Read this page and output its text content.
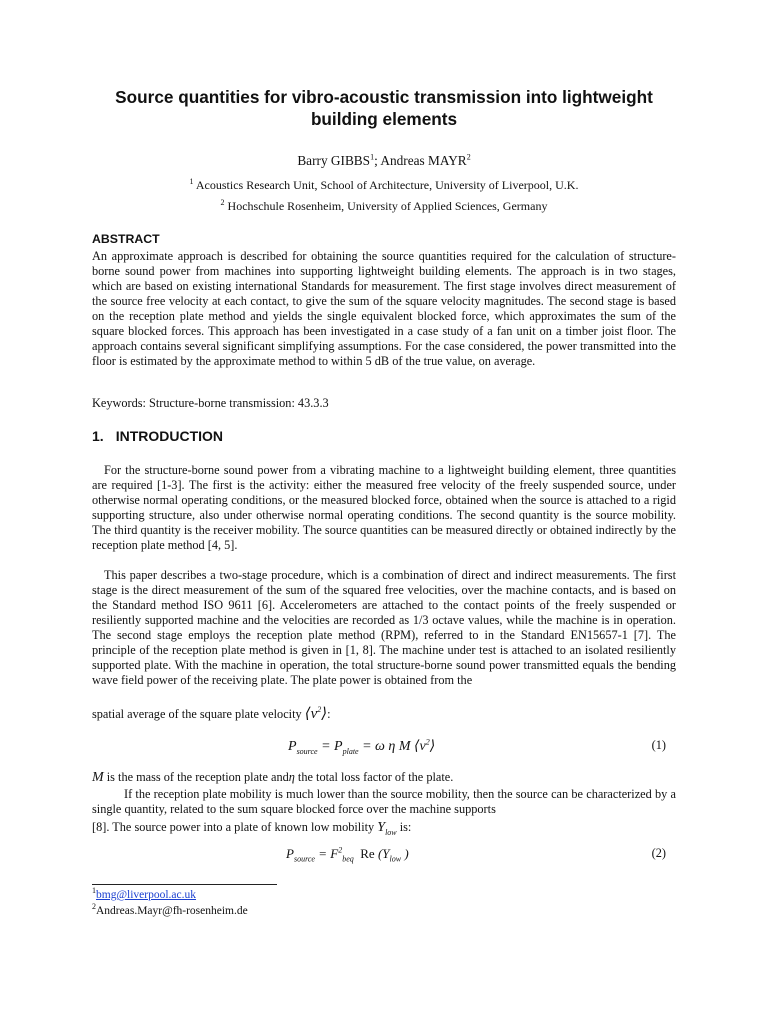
Source quantities for vibro-acoustic transmission into lightweight building elements
Barry GIBBS$^1$; Andreas MAYR$^2$
$^1$ Acoustics Research Unit, School of Architecture, University of Liverpool, U.K.
$^2$ Hochschule Rosenheim, University of Applied Sciences, Germany
ABSTRACT

An approximate approach is described for obtaining the source quantities required for the calculation of structure-borne sound power from machines into supporting lightweight building elements. The approach is in two stages, which are based on existing international Standards for measurement. The first stage involves direct measurement of the source free velocity at each contact, to give the sum of the square velocity magnitudes. The second stage is based on the reception plate method and yields the single equivalent blocked force, which approximates the sum of the square blocked forces. This approach has been investigated in a case study of a fan unit on a timber joist floor. The approach contains several significant simplifying assumptions. For the case considered, the power transmitted into the floor is estimated by the approximate method to within 5 dB of the true value, on average.

Keywords: Structure-borne transmission: 43.3.3

1. INTRODUCTION

For the structure-borne sound power from a vibrating machine to a lightweight building element, three quantities are required [1-3]. The first is the activity: either the measured free velocity of the freely suspended source, under otherwise normal operating conditions, or the measured blocked force, obtained when the source is attached to a rigid supporting structure, also under otherwise normal operating conditions. The second quantity is the source mobility. The third quantity is the receiver mobility. The source quantities can be measured directly or obtained indirectly by the reception plate method [4, 5].

This paper describes a two-stage procedure, which is a combination of direct and indirect measurements. The first stage is the direct measurement of the sum of the squared free velocities, over the machine contacts, and is based on the Standard method ISO 9611 [6]. Accelerometers are attached to the contact points of the freely suspended or resiliently supported machine and the velocities are recorded as 1/3 octave values, while the machine is in operation. The second stage employs the reception plate method (RPM), referred to in the Standard EN15657-1 [7]. The principle of the reception plate method is given in [1, 8]. The machine under test is attached to an isolated resiliently supported plate. With the machine in operation, the total structure-borne sound power transmitted equals the bending wave field power of the receiving plate. The plate power is obtained from the

spatial average of the square plate velocity $⟨v^2⟩$:
$P_{source} = P_{plate} = \omega$ η M $⟨v^2⟩$	(1)
M is the mass of the reception plate andη the total loss factor of the plate.

If the reception plate mobility is much lower than the source mobility, then the source can be characterized by a single quantity, related to the sum square blocked force over the machine supports

[8]. The source power into a plate of known low mobility $Y_{low}$ is:
$P_{source} = F^2_{beq}$ Re ($Y_{low}$ )	(2)
$^1$bmg@liverpool.ac.uk
$^2$Andreas.Mayr@fh-rosenheim.de
